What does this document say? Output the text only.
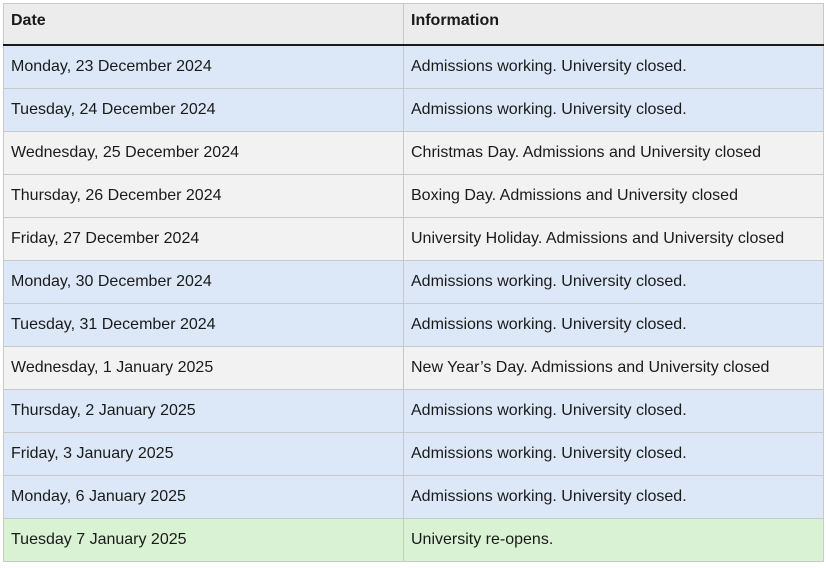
Date	Information
Monday, 23 December 2024	Admissions working. University closed.
Tuesday, 24 December 2024	Admissions working. University closed.
Wednesday, 25 December 2024	Christmas Day. Admissions and University closed
Thursday, 26 December 2024	Boxing Day. Admissions and University closed
Friday, 27 December 2024	University Holiday. Admissions and University closed
Monday, 30 December 2024	Admissions working. University closed.
Tuesday, 31 December 2024	Admissions working. University closed.
Wednesday, 1 January 2025	New Year’s Day. Admissions and University closed
Thursday, 2 January 2025	Admissions working. University closed.
Friday, 3 January 2025	Admissions working. University closed.
Monday, 6 January 2025	Admissions working. University closed.
Tuesday 7 January 2025	University re-opens.
